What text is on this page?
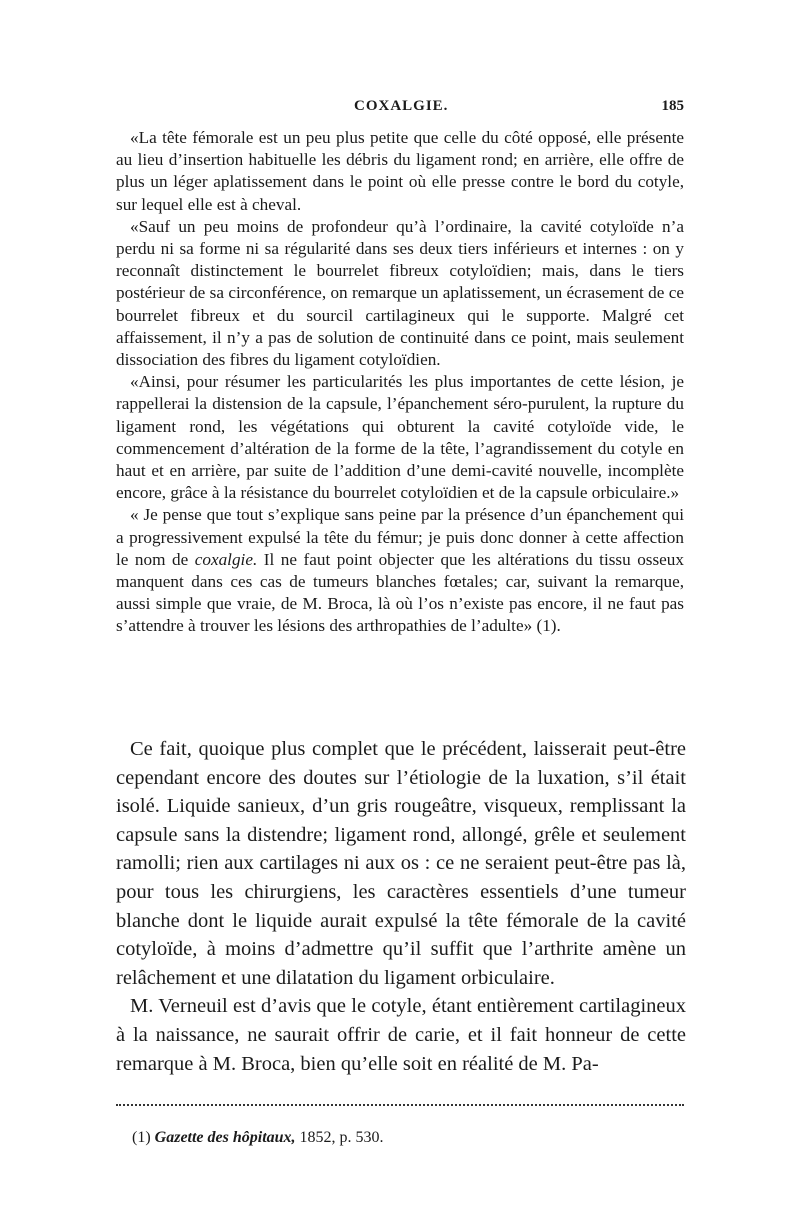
COXALGIE.	185

«La tête fémorale est un peu plus petite que celle du côté opposé, elle présente au lieu d’insertion habituelle les débris du ligament rond; en arrière, elle offre de plus un léger aplatissement dans le point où elle presse contre le bord du cotyle, sur lequel elle est à cheval.

«Sauf un peu moins de profondeur qu’à l’ordinaire, la cavité cotyloïde n’a perdu ni sa forme ni sa régularité dans ses deux tiers inférieurs et internes : on y reconnaît distinctement le bourrelet fibreux cotyloïdien; mais, dans le tiers postérieur de sa circonférence, on remarque un aplatissement, un écrasement de ce bourrelet fibreux et du sourcil cartilagineux qui le supporte. Malgré cet affaissement, il n’y a pas de solution de continuité dans ce point, mais seulement dissociation des fibres du ligament cotyloïdien.

«Ainsi, pour résumer les particularités les plus importantes de cette lésion, je rappellerai la distension de la capsule, l’épanchement séro-purulent, la rupture du ligament rond, les végétations qui obturent la cavité cotyloïde vide, le commencement d’altération de la forme de la tête, l’agrandissement du cotyle en haut et en arrière, par suite de l’addition d’une demi-cavité nouvelle, incomplète encore, grâce à la résistance du bourrelet cotyloïdien et de la capsule orbiculaire.»

« Je pense que tout s’explique sans peine par la présence d’un épanchement qui a progressivement expulsé la tête du fémur; je puis donc donner à cette affection le nom de coxalgie. Il ne faut point objecter que les altérations du tissu osseux manquent dans ces cas de tumeurs blanches fœtales; car, suivant la remarque, aussi simple que vraie, de M. Broca, là où l’os n’existe pas encore, il ne faut pas s’attendre à trouver les lésions des arthropathies de l’adulte» (1).

Ce fait, quoique plus complet que le précédent, laisserait peut-être cependant encore des doutes sur l’étiologie de la luxation, s’il était isolé. Liquide sanieux, d’un gris rougeâtre, visqueux, remplissant la capsule sans la distendre; ligament rond, allongé, grêle et seulement ramolli; rien aux cartilages ni aux os : ce ne seraient peut-être pas là, pour tous les chirurgiens, les caractères essentiels d’une tumeur blanche dont le liquide aurait expulsé la tête fémorale de la cavité cotyloïde, à moins d’admettre qu’il suffit que l’arthrite amène un relâchement et une dilatation du ligament orbiculaire.

M. Verneuil est d’avis que le cotyle, étant entièrement cartilagineux à la naissance, ne saurait offrir de carie, et il fait honneur de cette remarque à M. Broca, bien qu’elle soit en réalité de M. Pa-

(1) Gazette des hôpitaux, 1852, p. 530.
